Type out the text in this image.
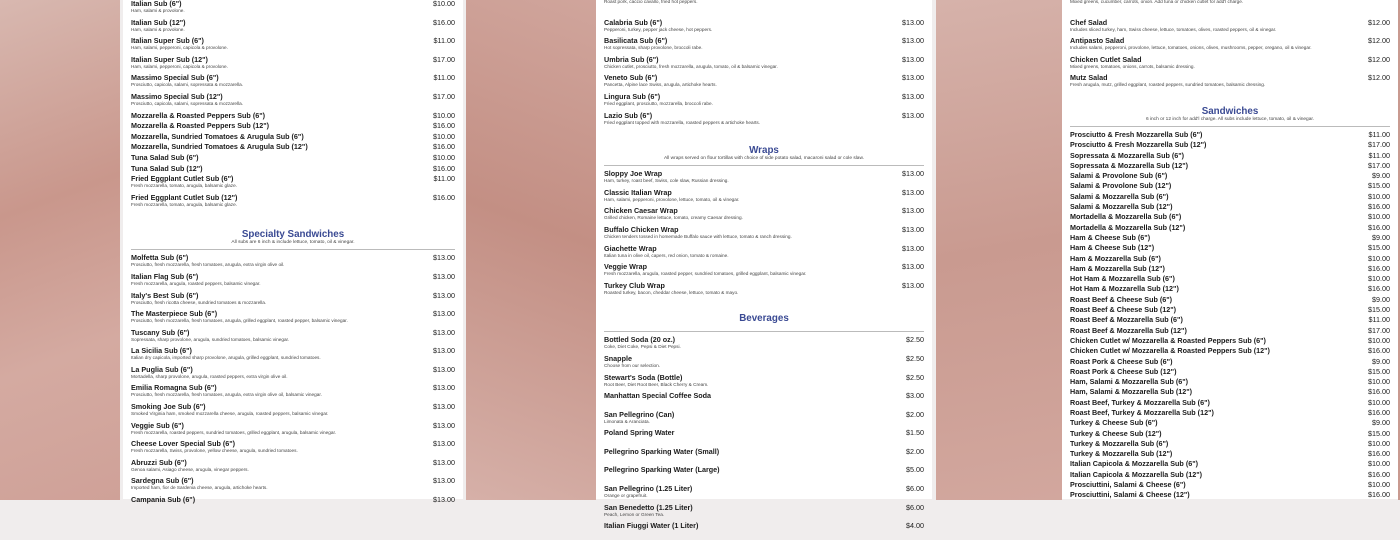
Italian Sub (6")
Ham, salami & provolone.
$10.00
Italian Sub (12")
Ham, salami & provolone.
$16.00
Italian Super Sub (6")
Ham, salami, pepperoni, capicola & provolone.
$11.00
Italian Super Sub (12")
Ham, salami, pepperoni, capicola & provolone.
$17.00
Massimo Special Sub (6")
Prosciutto, capicola, salami, sopressata & mozzarella.
$11.00
Massimo Special Sub (12")
Prosciutto, capicola, salami, sopressata & mozzarella.
$17.00
Mozzarella & Roasted Peppers Sub (6")	$10.00
Mozzarella & Roasted Peppers Sub (12")	$16.00
Mozzarella, Sundried Tomatoes & Arugula Sub (6")	$10.00
Mozzarella, Sundried Tomatoes & Arugula Sub (12")	$16.00
Tuna Salad Sub (6")	$10.00
Tuna Salad Sub (12")	$16.00
Fried Eggplant Cutlet Sub (6")
Fresh mozzarella, tomato, arugula, balsamic glaze.
$11.00
Fried Eggplant Cutlet Sub (12")
Fresh mozzarella, tomato, arugula, balsamic glaze.
$16.00
Specialty Sandwiches
All subs are 6 inch & include lettuce, tomato, oil & vinegar.
Molfetta Sub (6")
Prosciutto, fresh mozzarella, fresh tomatoes, arugula, extra virgin olive oil.
$13.00
Italian Flag Sub (6")
Fresh mozzarella, arugula, roasted peppers, balsamic vinegar.
$13.00
Italy's Best Sub (6")
Prosciutto, fresh ricotta cheese, sundried tomatoes & mozzarella.
$13.00
The Masterpiece Sub (6")
Prosciutto, fresh mozzarella, fresh tomatoes, arugula, grilled eggplant, roasted pepper, balsamic vinegar.
$13.00
Tuscany Sub (6")
Sopressata, sharp provolone, arugula, sundried tomatoes, balsamic vinegar.
$13.00
La Sicilia Sub (6")
Italian dry capicola, imported sharp provolone, arugula, grilled eggplant, sundried tomatoes.
$13.00
La Puglia Sub (6")
Mortadella, sharp provolone, arugula, roasted peppers, extra virgin olive oil.
$13.00
Emilia Romagna Sub (6")
Prosciutto, fresh mozzarella, fresh tomatoes, arugula, extra virgin olive oil, balsamic vinegar.
$13.00
Smoking Joe Sub (6")
Smoked Virginia ham, smoked mozzarella cheese, arugula, roasted peppers, balsamic vinegar.
$13.00
Veggie Sub (6")
Fresh mozzarella, roasted peppers, sundried tomatoes, grilled eggplant, arugula, balsamic vinegar.
$13.00
Cheese Lover Special Sub (6")
Fresh mozzarella, Swiss, provolone, yellow cheese, arugula, sundried tomatoes.
$13.00
Abruzzi Sub (6")
Genoa salami, Asiago cheese, arugula, vinegar peppers.
$13.00
Sardegna Sub (6")
Imported ham, fior de Sardenia cheese, arugula, artichoke hearts.
$13.00
Campania Sub (6")	$13.00
Roast pork, caccio cavallo, fried hot peppers.
Calabria Sub (6")
Pepperoni, turkey, pepper jack cheese, hot peppers.
$13.00
Basilicata Sub (6")
Hot sopressata, sharp provolone, broccoli rabe.
$13.00
Umbria Sub (6")
Chicken cutlet, prosciutto, fresh mozzarella, arugula, tomato, oil & balsamic vinegar.
$13.00
Veneto Sub (6")
Pancetta, Alpine lace Swiss, arugula, artichoke hearts.
$13.00
Lingura Sub (6")
Fried eggplant, prosciutto, mozzarella, broccoli rabe.
$13.00
Lazio Sub (6")
Fried eggplant topped with mozzarella, roasted peppers & artichoke hearts.
$13.00
Wraps
All wraps served on flour tortillas with choice of side potato salad, macaroni salad or cole slaw.
Sloppy Joe Wrap
Ham, turkey, roast beef, Swiss, cole slaw, Russian dressing.
$13.00
Classic Italian Wrap
Ham, salami, pepperoni, provolone, lettuce, tomato, oil & vinegar.
$13.00
Chicken Caesar Wrap
Grilled chicken, Romaine lettuce, tomato, creamy Caesar dressing.
$13.00
Buffalo Chicken Wrap
Chicken tenders tossed in homemade Buffalo sauce with lettuce, tomato & ranch dressing.
$13.00
Giachette Wrap
Italian tuna in olive oil, capers, red onion, tomato & romaine.
$13.00
Veggie Wrap
Fresh mozzarella, arugula, roasted pepper, sundried tomatoes, grilled eggplant, balsamic vinegar.
$13.00
Turkey Club Wrap
Roasted turkey, bacon, cheddar cheese, lettuce, tomato & mayo.
$13.00
Beverages
Bottled Soda (20 oz.)
Coke, Diet Coke, Pepsi & Diet Pepsi.
$2.50
Snapple
Choose from our selection.
$2.50
Stewart's Soda (Bottle)
Root Beer, Diet Root Beer, Black Cherry & Cream.
$2.50
Manhattan Special Coffee Soda	$3.00
San Pellegrino (Can)
Limonata & Aranciata.
$2.00
Poland Spring Water	$1.50
Pellegrino Sparking Water (Small)	$2.00
Pellegrino Sparking Water (Large)	$5.00
San Pellegrino (1.25 Liter)
Orange or grapefruit.
$6.00
San Benedetto (1.25 Liter)
Peach, Lemon or Green Tea.
$6.00
Italian Fiuggi Water (1 Liter)	$4.00
Mixed greens, cucumber, carrots, onion. Add tuna or chicken cutlet for add'l charge.
Chef Salad
Includes sliced turkey, ham, Swiss cheese, lettuce, tomatoes, olives, roasted peppers, oil & vinegar.
$12.00
Antipasto Salad
Includes salami, pepperoni, provolone, lettuce, tomatoes, onions, olives, mushrooms, pepper, oregano, oil & vinegar.
$12.00
Chicken Cutlet Salad
Mixed greens, tomatoes, onions, carrots, balsamic dressing.
$12.00
Mutz Salad
Fresh arugula, mutz, grilled eggplant, roasted peppers, sundried tomatoes, balsamic dressing.
$12.00
Sandwiches
6 inch or 12 inch for add'l charge. All subs include lettuce, tomato, oil & vinegar.
Prosciutto & Fresh Mozzarella Sub (6")	$11.00
Prosciutto & Fresh Mozzarella Sub (12")	$17.00
Sopressata & Mozzarella Sub (6")	$11.00
Sopressata & Mozzarella Sub (12")	$17.00
Salami & Provolone Sub (6")	$9.00
Salami & Provolone Sub (12")	$15.00
Salami & Mozzarella Sub (6")	$10.00
Salami & Mozzarella Sub (12")	$16.00
Mortadella & Mozzarella Sub (6")	$10.00
Mortadella & Mozzarella Sub (12")	$16.00
Ham & Cheese Sub (6")	$9.00
Ham & Cheese Sub (12")	$15.00
Ham & Mozzarella Sub (6")	$10.00
Ham & Mozzarella Sub (12")	$16.00
Hot Ham & Mozzarella Sub (6")	$10.00
Hot Ham & Mozzarella Sub (12")	$16.00
Roast Beef & Cheese Sub (6")	$9.00
Roast Beef & Cheese Sub (12")	$15.00
Roast Beef & Mozzarella Sub (6")	$11.00
Roast Beef & Mozzarella Sub (12")	$17.00
Chicken Cutlet w/ Mozzarella & Roasted Peppers Sub (6")	$10.00
Chicken Cutlet w/ Mozzarella & Roasted Peppers Sub (12")	$16.00
Roast Pork & Cheese Sub (6")	$9.00
Roast Pork & Cheese Sub (12")	$15.00
Ham, Salami & Mozzarella Sub (6")	$10.00
Ham, Salami & Mozzarella Sub (12")	$16.00
Roast Beef, Turkey & Mozzarella Sub (6")	$10.00
Roast Beef, Turkey & Mozzarella Sub (12")	$16.00
Turkey & Cheese Sub (6")	$9.00
Turkey & Cheese Sub (12")	$15.00
Turkey & Mozzarella Sub (6")	$10.00
Turkey & Mozzarella Sub (12")	$16.00
Italian Capicola & Mozzarella Sub (6")	$10.00
Italian Capicola & Mozzarella Sub (12")	$16.00
Prosciuttini, Salami & Cheese (6")	$10.00
Prosciuttini, Salami & Cheese (12")	$16.00
